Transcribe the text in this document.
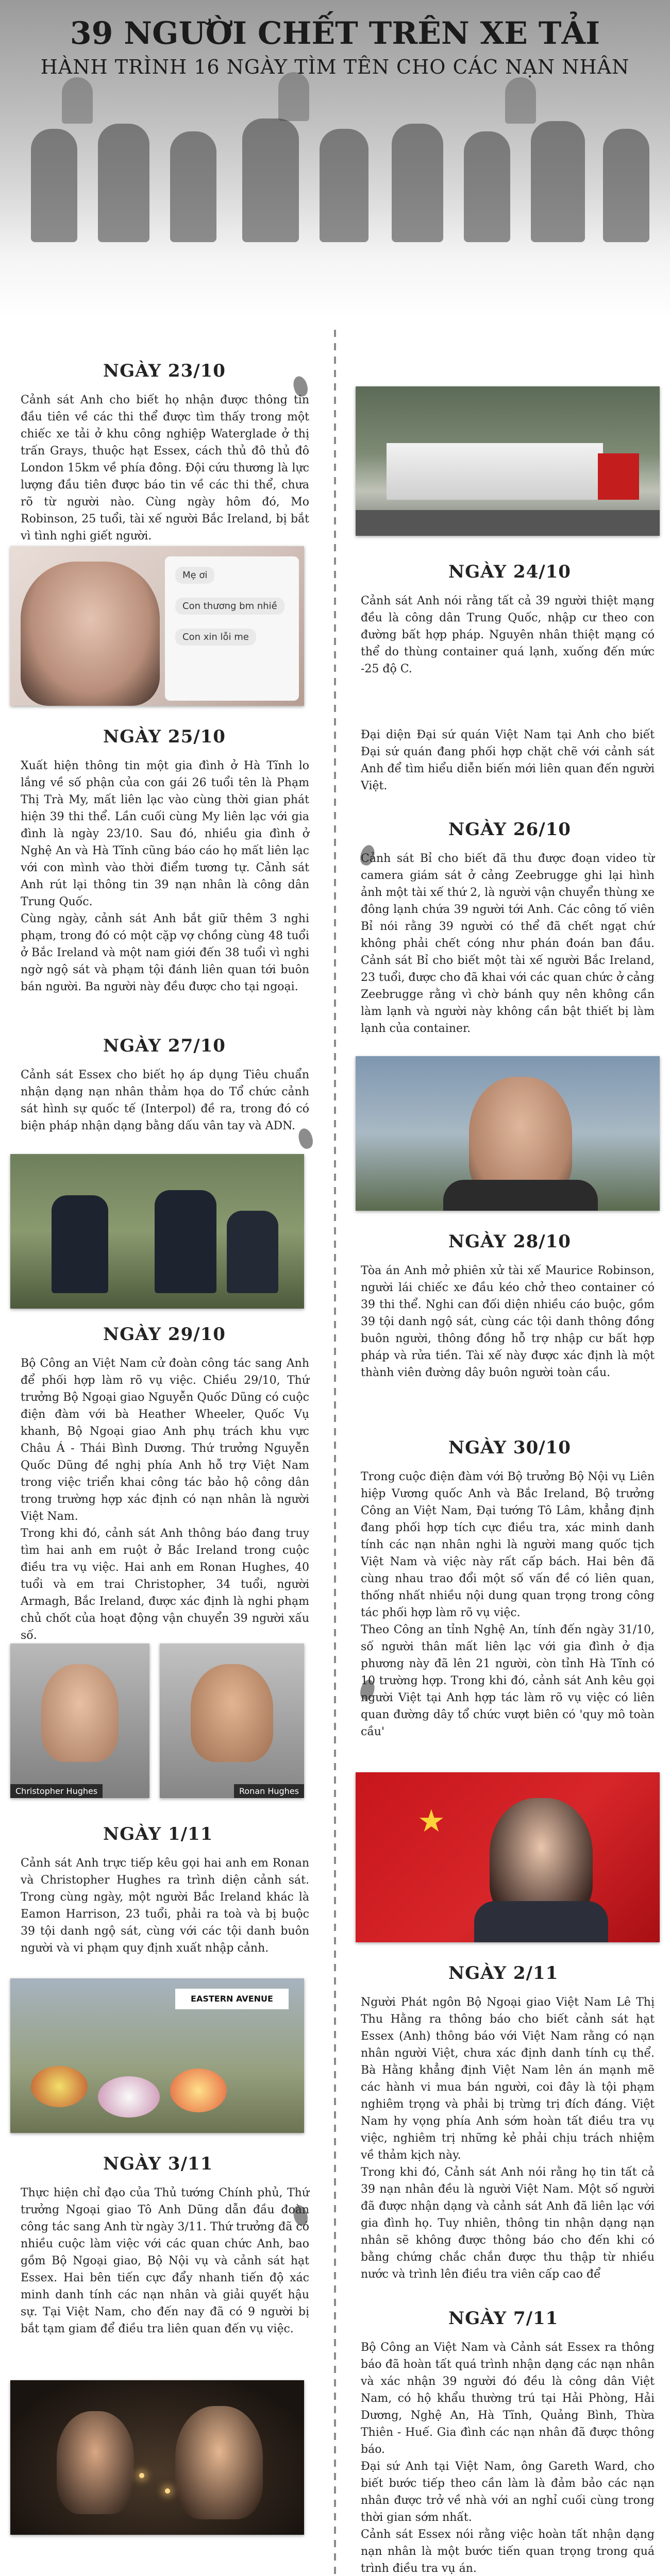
39 NGƯỜI CHẾT TRÊN XE TẢI
HÀNH TRÌNH 16 NGÀY TÌM TÊN CHO CÁC NẠN NHÂN
NGÀY 23/10

Cảnh sát Anh cho biết họ nhận được thông tin đầu tiên về các thi thể được tìm thấy trong một chiếc xe tải ở khu công nghiệp Waterglade ở thị trấn Grays, thuộc hạt Essex, cách thủ đô thủ đô London 15km về phía đông. Đội cứu thương là lực lượng đầu tiên được báo tin về các thi thể, chưa rõ từ người nào. Cùng ngày hôm đó, Mo Robinson, 25 tuổi, tài xế người Bắc Ireland, bị bắt vì tình nghi giết người.

Mẹ ơi
Con thương bm nhiề
Con xin lỗi me
NGÀY 24/10

Cảnh sát Anh nói rằng tất cả 39 người thiệt mạng đều là công dân Trung Quốc, nhập cư theo con đường bất hợp pháp. Nguyên nhân thiệt mạng có thể do thùng container quá lạnh, xuống đến mức -25 độ C.

NGÀY 25/10

Xuất hiện thông tin một gia đình ở Hà Tĩnh lo lắng về số phận của con gái 26 tuổi tên là Phạm Thị Trà My, mất liên lạc vào cùng thời gian phát hiện 39 thi thể. Lần cuối cùng My liên lạc với gia đình là ngày 23/10. Sau đó, nhiều gia đình ở Nghệ An và Hà Tĩnh cũng báo cáo họ mất liên lạc với con mình vào thời điểm tương tự. Cảnh sát Anh rút lại thông tin 39 nạn nhân là công dân Trung Quốc.

Cùng ngày, cảnh sát Anh bắt giữ thêm 3 nghi phạm, trong đó có một cặp vợ chồng cùng 48 tuổi ở Bắc Ireland và một nam giới đến 38 tuổi vì nghi ngờ ngộ sát và phạm tội đánh liên quan tới buôn bán người. Ba người này đều được cho tại ngoại.

Đại diện Đại sứ quán Việt Nam tại Anh cho biết Đại sứ quán đang phối hợp chặt chẽ với cảnh sát Anh để tìm hiểu diễn biến mới liên quan đến người Việt.

NGÀY 26/10

Cảnh sát Bỉ cho biết đã thu được đoạn video từ camera giám sát ở cảng Zeebrugge ghi lại hình ảnh một tài xế thứ 2, là người vận chuyển thùng xe đông lạnh chứa 39 người tới Anh. Các công tố viên Bỉ nói rằng 39 người có thể đã chết ngạt chứ không phải chết cóng như phán đoán ban đầu. Cảnh sát Bỉ cho biết một tài xế người Bắc Ireland, 23 tuổi, được cho đã khai với các quan chức ở cảng Zeebrugge rằng vì chờ bánh quy nên không cần làm lạnh và người này không cần bật thiết bị làm lạnh của container.

NGÀY 27/10

Cảnh sát Essex cho biết họ áp dụng Tiêu chuẩn nhận dạng nạn nhân thảm họa do Tổ chức cảnh sát hình sự quốc tế (Interpol) đề ra, trong đó có biện pháp nhận dạng bằng dấu vân tay và ADN.

NGÀY 28/10

Tòa án Anh mở phiên xử tài xế Maurice Robinson, người lái chiếc xe đầu kéo chở theo container có 39 thi thể. Nghi can đối diện nhiều cáo buộc, gồm 39 tội danh ngộ sát, cùng các tội danh thông đồng buôn người, thông đồng hỗ trợ nhập cư bất hợp pháp và rửa tiền. Tài xế này được xác định là một thành viên đường dây buôn người toàn cầu.

NGÀY 29/10

Bộ Công an Việt Nam cử đoàn công tác sang Anh để phối hợp làm rõ vụ việc. Chiều 29/10, Thứ trưởng Bộ Ngoại giao Nguyễn Quốc Dũng có cuộc điện đàm với bà Heather Wheeler, Quốc Vụ khanh, Bộ Ngoại giao Anh phụ trách khu vực Châu Á - Thái Bình Dương. Thứ trưởng Nguyễn Quốc Dũng đề nghị phía Anh hỗ trợ Việt Nam trong việc triển khai công tác bảo hộ công dân trong trường hợp xác định có nạn nhân là người Việt Nam.

Trong khi đó, cảnh sát Anh thông báo đang truy tìm hai anh em ruột ở Bắc Ireland trong cuộc điều tra vụ việc. Hai anh em Ronan Hughes, 40 tuổi và em trai Christopher, 34 tuổi, người Armagh, Bắc Ireland, được xác định là nghi phạm chủ chốt của hoạt động vận chuyển 39 người xấu số.

Christopher Hughes	Ronan Hughes
NGÀY 30/10

Trong cuộc điện đàm với Bộ trưởng Bộ Nội vụ Liên hiệp Vương quốc Anh và Bắc Ireland, Bộ trưởng Công an Việt Nam, Đại tướng Tô Lâm, khẳng định đang phối hợp tích cực điều tra, xác minh danh tính các nạn nhân nghi là người mang quốc tịch Việt Nam và việc này rất cấp bách. Hai bên đã cùng nhau trao đổi một số vấn đề có liên quan, thống nhất nhiều nội dung quan trọng trong công tác phối hợp làm rõ vụ việc.

Theo Công an tỉnh Nghệ An, tính đến ngày 31/10, số người thân mất liên lạc với gia đình ở địa phương này đã lên 21 người, còn tỉnh Hà Tĩnh có 10 trường hợp. Trong khi đó, cảnh sát Anh kêu gọi người Việt tại Anh hợp tác làm rõ vụ việc có liên quan đường dây tổ chức vượt biên có 'quy mô toàn cầu'

★
NGÀY 1/11

Cảnh sát Anh trực tiếp kêu gọi hai anh em Ronan và Christopher Hughes ra trình diện cảnh sát. Trong cùng ngày, một người Bắc Ireland khác là Eamon Harrison, 23 tuổi, phải ra toà và bị buộc 39 tội danh ngộ sát, cùng với các tội danh buôn người và vi phạm quy định xuất nhập cảnh.

EASTERN AVENUE
NGÀY 2/11

Người Phát ngôn Bộ Ngoại giao Việt Nam Lê Thị Thu Hằng ra thông báo cho biết cảnh sát hạt Essex (Anh) thông báo với Việt Nam rằng có nạn nhân người Việt, chưa xác định danh tính cụ thể. Bà Hằng khẳng định Việt Nam lên án mạnh mẽ các hành vi mua bán người, coi đây là tội phạm nghiêm trọng và phải bị trừng trị đích đáng. Việt Nam hy vọng phía Anh sớm hoàn tất điều tra vụ việc, nghiêm trị những kẻ phải chịu trách nhiệm về thảm kịch này.

Trong khi đó, Cảnh sát Anh nói rằng họ tin tất cả 39 nạn nhân đều là người Việt Nam. Một số người đã được nhận dạng và cảnh sát Anh đã liên lạc với gia đình họ. Tuy nhiên, thông tin nhận dạng nạn nhân sẽ không được thông báo cho đến khi có bằng chứng chắc chắn được thu thập từ nhiều nước và trình lên điều tra viên cấp cao để

NGÀY 3/11

Thực hiện chỉ đạo của Thủ tướng Chính phủ, Thứ trưởng Ngoại giao Tô Anh Dũng dẫn đầu đoàn công tác sang Anh từ ngày 3/11. Thứ trưởng đã có nhiều cuộc làm việc với các quan chức Anh, bao gồm Bộ Ngoại giao, Bộ Nội vụ và cảnh sát hạt Essex. Hai bên tiến cực đẩy nhanh tiến độ xác minh danh tính các nạn nhân và giải quyết hậu sự. Tại Việt Nam, cho đến nay đã có 9 người bị bắt tạm giam để điều tra liên quan đến vụ việc.

NGÀY 7/11

Bộ Công an Việt Nam và Cảnh sát Essex ra thông báo đã hoàn tất quá trình nhận dạng các nạn nhân và xác nhận 39 người đó đều là công dân Việt Nam, có hộ khẩu thường trú tại Hải Phòng, Hải Dương, Nghệ An, Hà Tĩnh, Quảng Bình, Thừa Thiên - Huế. Gia đình các nạn nhân đã được thông báo.

Đại sứ Anh tại Việt Nam, ông Gareth Ward, cho biết bước tiếp theo cần làm là đảm bảo các nạn nhân được trở về nhà với an nghỉ cuối cùng trong thời gian sớm nhất.

Cảnh sát Essex nói rằng việc hoàn tất nhận dạng nạn nhân là một bước tiến quan trọng trong quá trình điều tra vụ án.
